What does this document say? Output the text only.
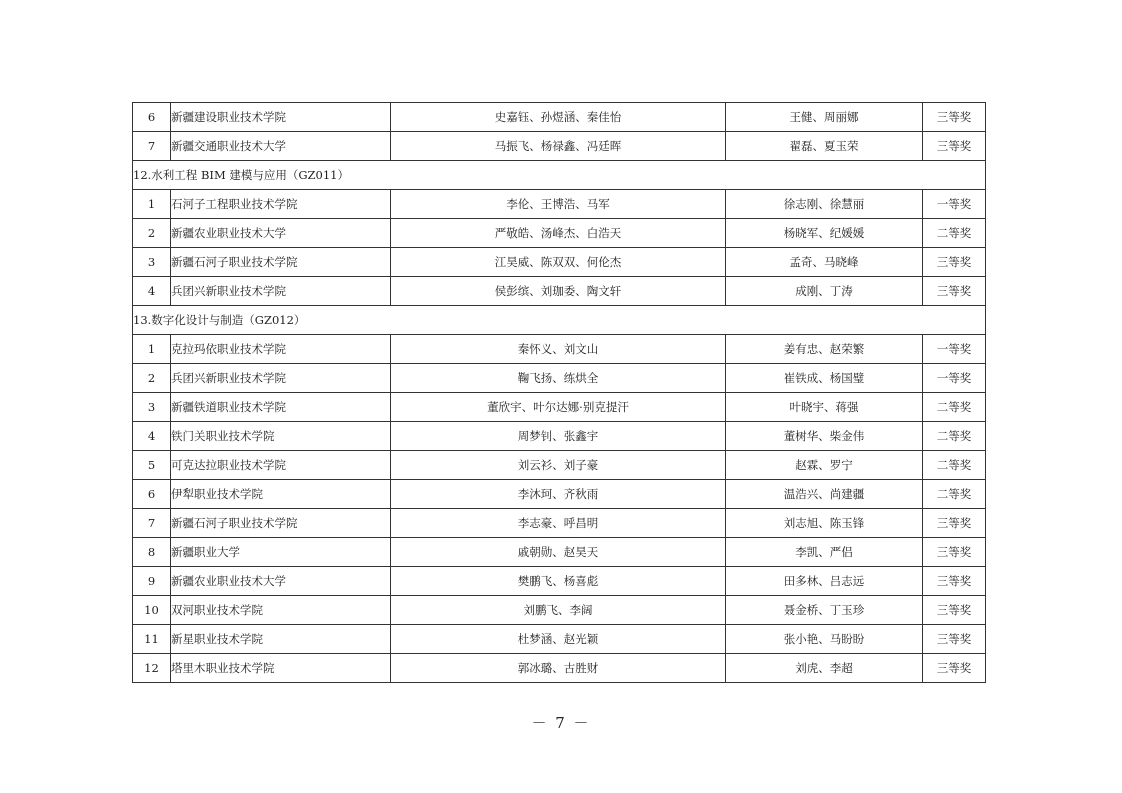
6	新疆建设职业技术学院	史嘉钰、孙煜涵、秦佳怡	王健、周丽娜	三等奖
7	新疆交通职业技术大学	马振飞、杨禄鑫、冯廷晖	翟磊、夏玉荣	三等奖
12.水利工程 BIM 建模与应用（GZ011）				
1	石河子工程职业技术学院	李伦、王博浩、马军	徐志刚、徐慧丽	一等奖
2	新疆农业职业技术大学	严敬皓、汤峰杰、白浩天	杨晓军、纪媛媛	二等奖
3	新疆石河子职业技术学院	江昊威、陈双双、何伦杰	孟奇、马晓峰	三等奖
4	兵团兴新职业技术学院	侯彭缤、刘珈委、陶文轩	成刚、丁涛	三等奖
13.数字化设计与制造（GZ012）				
1	克拉玛依职业技术学院	秦怀义、刘文山	姜有忠、赵荣繁	一等奖
2	兵团兴新职业技术学院	鞠飞扬、练烘全	崔铁成、杨国璧	一等奖
3	新疆铁道职业技术学院	董欣宇、叶尔达娜·别克提汗	叶晓宇、蒋强	二等奖
4	铁门关职业技术学院	周梦钊、张鑫宇	董树华、柴金伟	二等奖
5	可克达拉职业技术学院	刘云衫、刘子豪	赵霖、罗宁	二等奖
6	伊犁职业技术学院	李沐珂、齐秋雨	温浩兴、尚建疆	二等奖
7	新疆石河子职业技术学院	李志豪、呼昌明	刘志旭、陈玉锋	三等奖
8	新疆职业大学	戚朝勋、赵昊天	李凯、严侣	三等奖
9	新疆农业职业技术大学	樊鹏飞、杨喜彪	田多林、吕志远	三等奖
10	双河职业技术学院	刘鹏飞、李阔	聂金桥、丁玉珍	三等奖
11	新星职业技术学院	杜梦涵、赵光颖	张小艳、马盼盼	三等奖
12	塔里木职业技术学院	郭冰璐、古胜财	刘虎、李超	三等奖
－ 7 －
